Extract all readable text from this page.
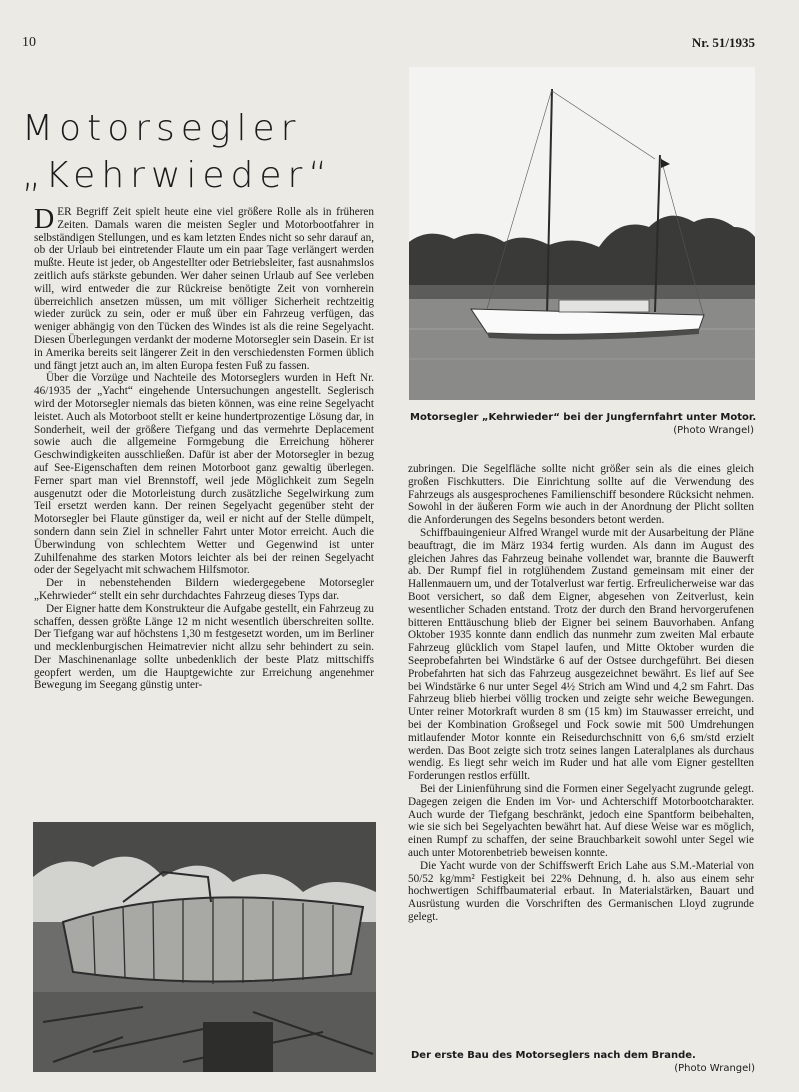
10	Nr. 51/1935
Motorsegler
„Kehrwieder“

DER Begriff Zeit spielt heute eine viel größere Rolle als in früheren Zeiten. Damals waren die meisten Segler und Motorbootfahrer in selbständigen Stellungen, und es kam letzten Endes nicht so sehr darauf an, ob der Urlaub bei eintretender Flaute um ein paar Tage verlängert werden mußte. Heute ist jeder, ob Angestellter oder Betriebsleiter, fast ausnahmslos zeitlich aufs stärkste gebunden. Wer daher seinen Urlaub auf See verleben will, wird entweder die zur Rückreise benötigte Zeit von vornherein überreichlich ansetzen müssen, um mit völliger Sicherheit rechtzeitig wieder zurück zu sein, oder er muß über ein Fahrzeug verfügen, das weniger abhängig von den Tücken des Windes ist als die reine Segelyacht. Diesen Überlegungen verdankt der moderne Motorsegler sein Dasein. Er ist in Amerika bereits seit längerer Zeit in den verschiedensten Formen üblich und fängt jetzt auch an, im alten Europa festen Fuß zu fassen.

Über die Vorzüge und Nachteile des Motorseglers wurden in Heft Nr. 46/1935 der „Yacht“ eingehende Untersuchungen angestellt. Seglerisch wird der Motorsegler niemals das bieten können, was eine reine Segelyacht leistet. Auch als Motorboot stellt er keine hundertprozentige Lösung dar, in Sonderheit, weil der größere Tiefgang und das vermehrte Deplacement sowie auch die allgemeine Formgebung die Erreichung höherer Geschwindigkeiten ausschließen. Dafür ist aber der Motorsegler in bezug auf See-Eigenschaften dem reinen Motorboot ganz gewaltig überlegen. Ferner spart man viel Brennstoff, weil jede Möglichkeit zum Segeln ausgenutzt oder die Motorleistung durch zusätzliche Segelwirkung zum Teil ersetzt werden kann. Der reinen Segelyacht gegenüber steht der Motorsegler bei Flaute günstiger da, weil er nicht auf der Stelle dümpelt, sondern dann sein Ziel in schneller Fahrt unter Motor erreicht. Auch die Überwindung von schlechtem Wetter und Gegenwind ist unter Zuhilfenahme des starken Motors leichter als bei der reinen Segelyacht oder der Segelyacht mit schwachem Hilfsmotor.

Der in nebenstehenden Bildern wiedergegebene Motorsegler „Kehrwieder“ stellt ein sehr durchdachtes Fahrzeug dieses Typs dar.

Der Eigner hatte dem Konstrukteur die Aufgabe gestellt, ein Fahrzeug zu schaffen, dessen größte Länge 12 m nicht wesentlich überschreiten sollte. Der Tiefgang war auf höchstens 1,30 m festgesetzt worden, um im Berliner und mecklenburgischen Heimatrevier nicht allzu sehr behindert zu sein. Der Maschinenanlage sollte unbedenklich der beste Platz mittschiffs geopfert werden, um die Hauptgewichte zur Erreichung angenehmer Bewegung im Seegang günstig unter-

Motorsegler „Kehrwieder“ bei der Jungfernfahrt unter Motor.
(Photo Wrangel)

zubringen. Die Segelfläche sollte nicht größer sein als die eines gleich großen Fischkutters. Die Einrichtung sollte auf die Verwendung des Fahrzeugs als ausgesprochenes Familienschiff besondere Rücksicht nehmen. Sowohl in der äußeren Form wie auch in der Anordnung der Plicht sollten die Anforderungen des Segelns besonders betont werden.

Schiffbauingenieur Alfred Wrangel wurde mit der Ausarbeitung der Pläne beauftragt, die im März 1934 fertig wurden. Als dann im August des gleichen Jahres das Fahrzeug beinahe vollendet war, brannte die Bauwerft ab. Der Rumpf fiel in rotglühendem Zustand gemeinsam mit einer der Hallenmauern um, und der Totalverlust war fertig. Erfreulicherweise war das Boot versichert, so daß dem Eigner, abgesehen von Zeitverlust, kein wesentlicher Schaden entstand. Trotz der durch den Brand hervorgerufenen bitteren Enttäuschung blieb der Eigner bei seinem Bauvorhaben. Anfang Oktober 1935 konnte dann endlich das nunmehr zum zweiten Mal erbaute Fahrzeug glücklich vom Stapel laufen, und Mitte Oktober wurden die Seeprobefahrten bei Windstärke 6 auf der Ostsee durchgeführt. Bei diesen Probefahrten hat sich das Fahrzeug ausgezeichnet bewährt. Es lief auf See bei Windstärke 6 nur unter Segel 4½ Strich am Wind und 4,2 sm Fahrt. Das Fahrzeug blieb hierbei völlig trocken und zeigte sehr weiche Bewegungen. Unter reiner Motorkraft wurden 8 sm (15 km) im Stauwasser erreicht, und bei der Kombination Großsegel und Fock sowie mit 500 Umdrehungen mitlaufender Motor konnte ein Reisedurchschnitt von 6,6 sm/std erzielt werden. Das Boot zeigte sich trotz seines langen Lateralplanes als durchaus wendig. Es liegt sehr weich im Ruder und hat alle vom Eigner gestellten Forderungen restlos erfüllt.

Bei der Linienführung sind die Formen einer Segelyacht zugrunde gelegt. Dagegen zeigen die Enden im Vor- und Achterschiff Motorbootcharakter. Auch wurde der Tiefgang beschränkt, jedoch eine Spantform beibehalten, wie sie sich bei Segelyachten bewährt hat. Auf diese Weise war es möglich, einen Rumpf zu schaffen, der seine Brauchbarkeit sowohl unter Segel wie auch unter Motorenbetrieb beweisen konnte.

Die Yacht wurde von der Schiffswerft Erich Lahe aus S.M.-Material von 50/52 kg/mm² Festigkeit bei 22% Dehnung, d. h. also aus einem sehr hochwertigen Schiffbaumaterial erbaut. In Materialstärken, Bauart und Ausrüstung wurden die Vorschriften des Germanischen Lloyd zugrunde gelegt.

Der erste Bau des Motorseglers nach dem Brande.
(Photo Wrangel)
